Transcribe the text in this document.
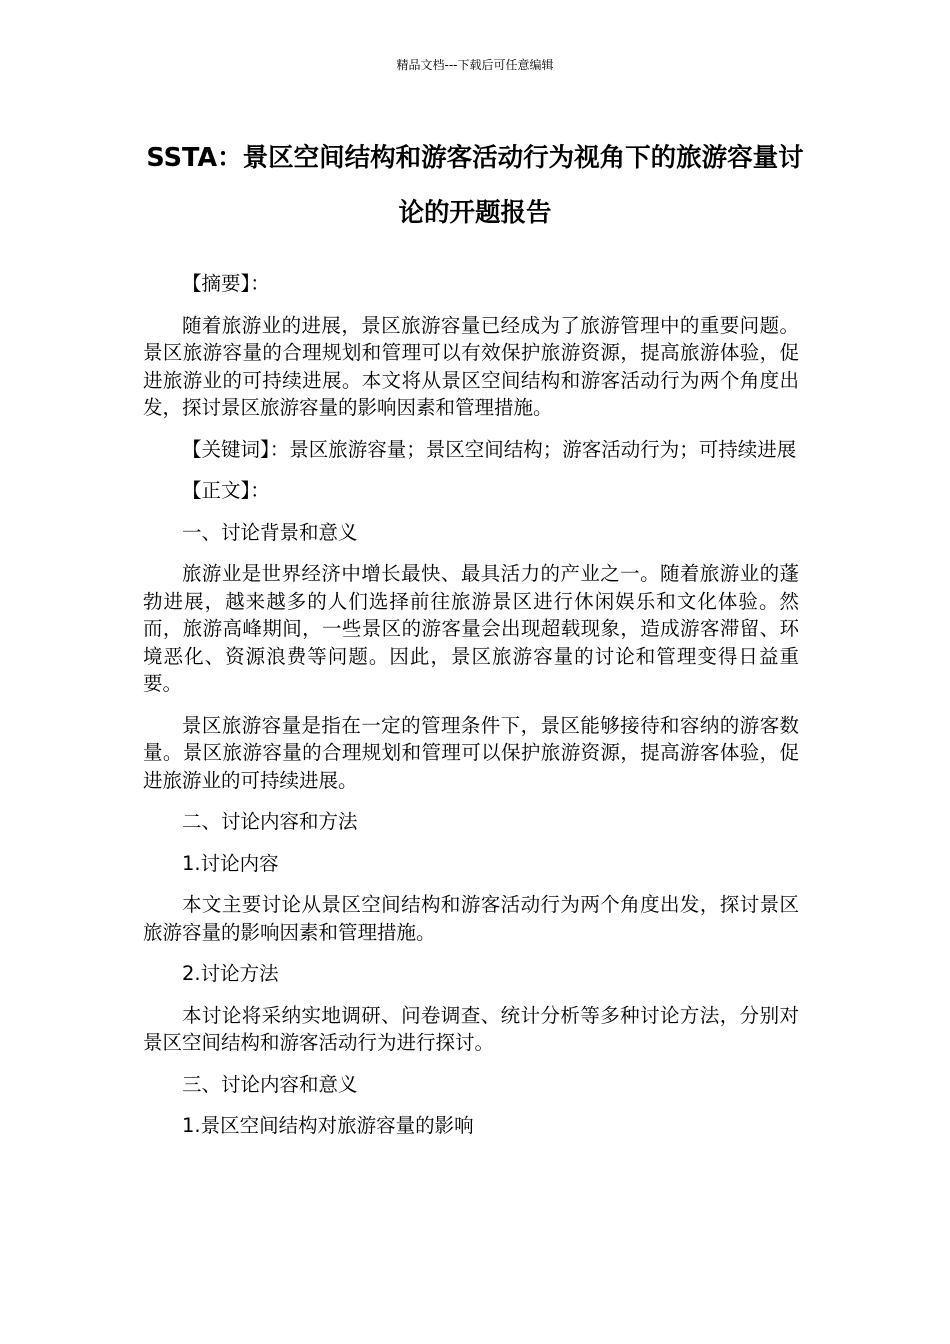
精品文档---下载后可任意编辑
SSTA：景区空间结构和游客活动行为视角下的旅游容量讨论的开题报告

【摘要】：

随着旅游业的进展，景区旅游容量已经成为了旅游管理中的重要问题。景区旅游容量的合理规划和管理可以有效保护旅游资源，提高旅游体验，促进旅游业的可持续进展。本文将从景区空间结构和游客活动行为两个角度出发，探讨景区旅游容量的影响因素和管理措施。

【关键词】：景区旅游容量；景区空间结构；游客活动行为；可持续进展

【正文】：

一、讨论背景和意义

旅游业是世界经济中增长最快、最具活力的产业之一。随着旅游业的蓬勃进展，越来越多的人们选择前往旅游景区进行休闲娱乐和文化体验。然而，旅游高峰期间，一些景区的游客量会出现超载现象，造成游客滞留、环境恶化、资源浪费等问题。因此，景区旅游容量的讨论和管理变得日益重要。

景区旅游容量是指在一定的管理条件下，景区能够接待和容纳的游客数量。景区旅游容量的合理规划和管理可以保护旅游资源，提高游客体验，促进旅游业的可持续进展。

二、讨论内容和方法

1.讨论内容

本文主要讨论从景区空间结构和游客活动行为两个角度出发，探讨景区旅游容量的影响因素和管理措施。

2.讨论方法

本讨论将采纳实地调研、问卷调查、统计分析等多种讨论方法，分别对景区空间结构和游客活动行为进行探讨。

三、讨论内容和意义

1.景区空间结构对旅游容量的影响
